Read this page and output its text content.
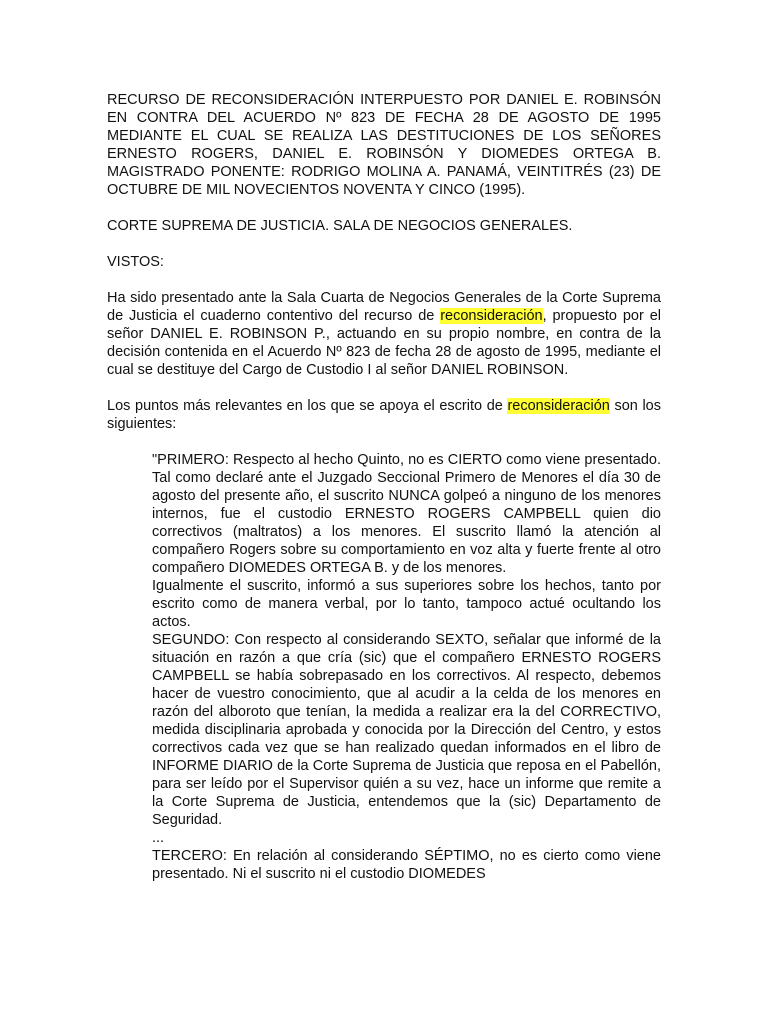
RECURSO DE RECONSIDERACIÓN INTERPUESTO POR DANIEL E. ROBINSÓN EN CONTRA DEL ACUERDO Nº 823 DE FECHA 28 DE AGOSTO DE 1995 MEDIANTE EL CUAL SE REALIZA LAS DESTITUCIONES DE LOS SEÑORES ERNESTO ROGERS, DANIEL E. ROBINSÓN Y DIOMEDES ORTEGA B. MAGISTRADO PONENTE: RODRIGO MOLINA A. PANAMÁ, VEINTITRÉS (23) DE OCTUBRE DE MIL NOVECIENTOS NOVENTA Y CINCO (1995).

CORTE SUPREMA DE JUSTICIA. SALA DE NEGOCIOS GENERALES.

VISTOS:

Ha sido presentado ante la Sala Cuarta de Negocios Generales de la Corte Suprema de Justicia el cuaderno contentivo del recurso de reconsideración, propuesto por el señor DANIEL E. ROBINSON P., actuando en su propio nombre, en contra de la decisión contenida en el Acuerdo Nº 823 de fecha 28 de agosto de 1995, mediante el cual se destituye del Cargo de Custodio I al señor DANIEL ROBINSON.

Los puntos más relevantes en los que se apoya el escrito de reconsideración son los siguientes:

"PRIMERO: Respecto al hecho Quinto, no es CIERTO como viene presentado. Tal como declaré ante el Juzgado Seccional Primero de Menores el día 30 de agosto del presente año, el suscrito NUNCA golpeó a ninguno de los menores internos, fue el custodio ERNESTO ROGERS CAMPBELL quien dio correctivos (maltratos) a los menores. El suscrito llamó la atención al compañero Rogers sobre su comportamiento en voz alta y fuerte frente al otro compañero DIOMEDES ORTEGA B. y de los menores.

Igualmente el suscrito, informó a sus superiores sobre los hechos, tanto por escrito como de manera verbal, por lo tanto, tampoco actué ocultando los actos.

SEGUNDO: Con respecto al considerando SEXTO, señalar que informé de la situación en razón a que cría (sic) que el compañero ERNESTO ROGERS CAMPBELL se había sobrepasado en los correctivos. Al respecto, debemos hacer de vuestro conocimiento, que al acudir a la celda de los menores en razón del alboroto que tenían, la medida a realizar era la del CORRECTIVO, medida disciplinaria aprobada y conocida por la Dirección del Centro, y estos correctivos cada vez que se han realizado quedan informados en el libro de INFORME DIARIO de la Corte Suprema de Justicia que reposa en el Pabellón, para ser leído por el Supervisor quién a su vez, hace un informe que remite a la Corte Suprema de Justicia, entendemos que la (sic) Departamento de Seguridad.

...

TERCERO: En relación al considerando SÉPTIMO, no es cierto como viene presentado. Ni el suscrito ni el custodio DIOMEDES
